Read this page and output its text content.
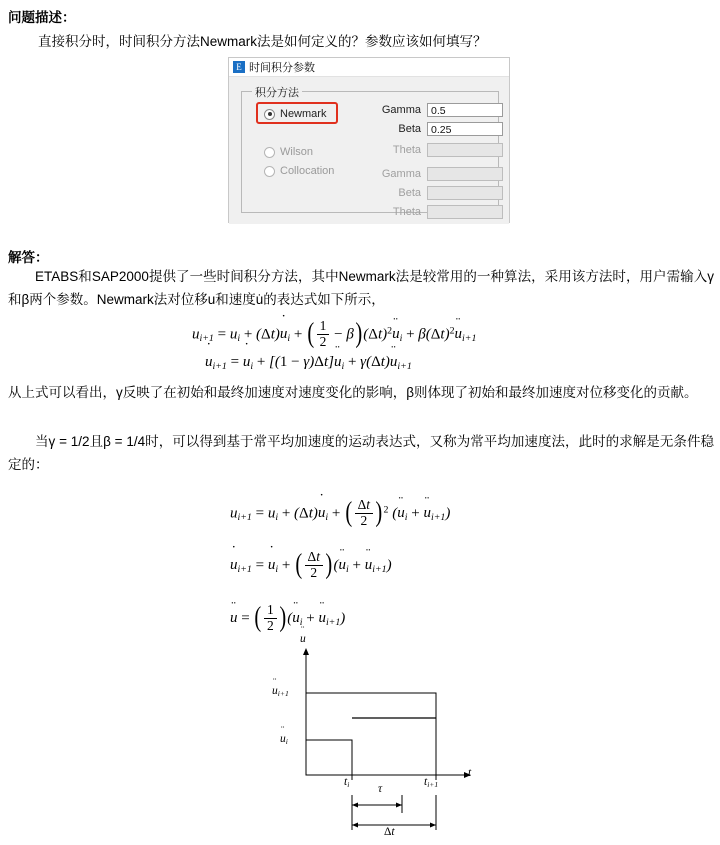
问题描述：
直接积分时，时间积分方法Newmark法是如何定义的？参数应该如何填写？
E 时间积分参数
积分方法
Newmark
Wilson
Collocation
Gamma 0.5
Beta 0.25
Theta
Gamma
Beta
Theta
解答：
ETABS和SAP2000提供了一些时间积分方法，其中Newmark法是较常用的一种算法，采用该方法时，用户需输入γ和β两个参数。Newmark法对位移u和速度u̇的表达式如下所示，
$u_{i+1} = u_i + (\Delta t)u$ $˙_i$ + ( $\frac{1}{2} - \beta)(\Delta t)^2u$ $¨_i + \beta(\Delta t)^2u$ $¨_{i+1}$
u $˙_{i+1} = u$ $˙_i + [(1 - \gamma)\Delta t]u$ $¨_i + \gamma(\Delta t)u$ $¨_{i+1}$
从上式可以看出，γ反映了在初始和最终加速度对速度变化的影响，β则体现了初始和最终加速度对位移变化的贡献。
当γ = 1/2且β = 1/4时，可以得到基于常平均加速度的运动表达式，又称为常平均加速度法，此时的求解是无条件稳定的：
$u_{i+1} = u_i + (\Delta t)u$ $˙_i$ + ( $\frac{\Delta t}{2} )^2$ (u $¨_i + u$ $¨_{i+1}$)
u $˙_{i+1} = u$ $˙_i$ + ( $\frac{\Delta t}{2} )(u$ $¨_i + u$ $¨_{i+1}$)
u ¨ = ( $\frac{1}{2} )(u$ $¨_i + u$ $¨_{i+1}$)
u ¨
t
u $¨_{i+1}$
u $¨_i$
$t_i$	$t_{i+1}$
τ
Δt
